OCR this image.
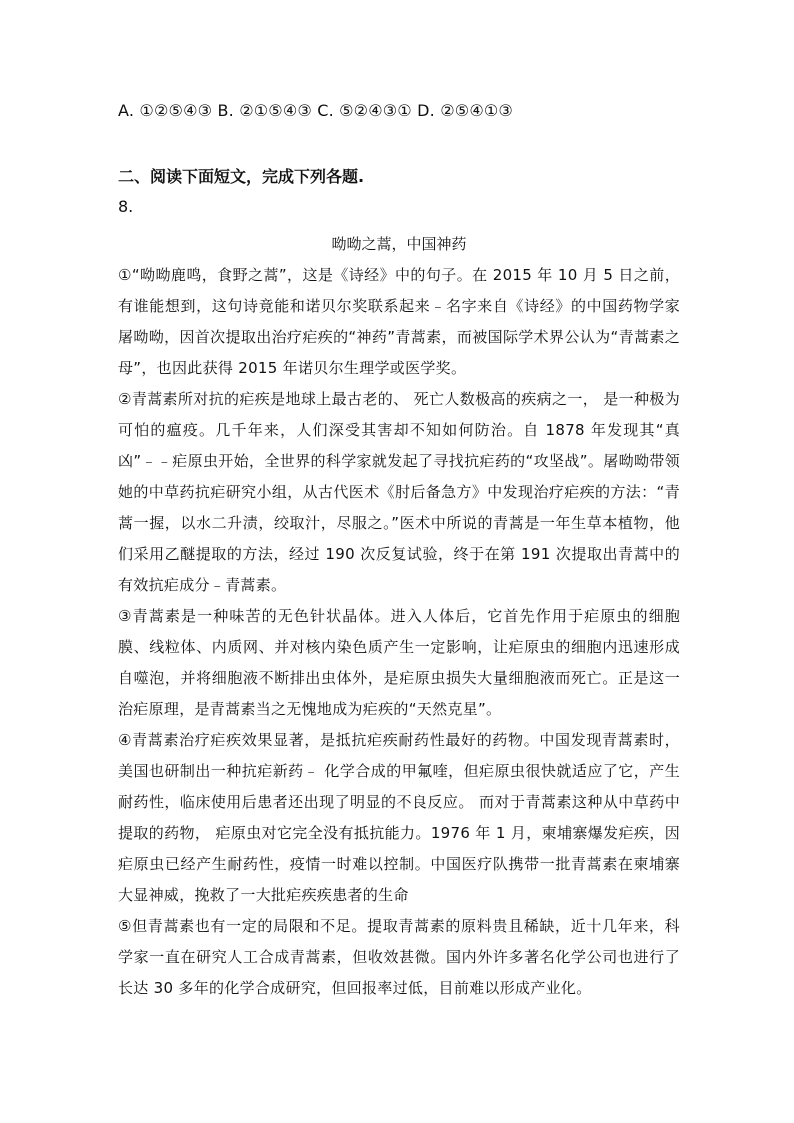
A. ①②⑤④③ B. ②①⑤④③ C. ⑤②④③① D. ②⑤④①③
二、阅读下面短文，完成下列各题.
8.
呦呦之蒿，中国神药

①“呦呦鹿鸣，食野之蒿”，这是《诗经》中的句子。在 2015 年 10 月 5 日之前，有谁能想到，这句诗竟能和诺贝尔奖联系起来﹣名字来自《诗经》的中国药物学家屠呦呦，因首次提取出治疗疟疾的“神药”青蒿素，而被国际学术界公认为“青蒿素之母”，也因此获得 2015 年诺贝尔生理学或医学奖。

②青蒿素所对抗的疟疾是地球上最古老的、 死亡人数极高的疾病之一， 是一种极为可怕的瘟疫。几千年来，人们深受其害却不知如何防治。自 1878 年发现其“真凶”﹣﹣疟原虫开始，全世界的科学家就发起了寻找抗疟药的“攻坚战”。屠呦呦带领她的中草药抗疟研究小组，从古代医术《肘后备急方》中发现治疗疟疾的方法：“青蒿一握，以水二升渍，绞取汁，尽服之。”医术中所说的青蒿是一年生草本植物，他们采用乙醚提取的方法，经过 190 次反复试验，终于在第 191 次提取出青蒿中的有效抗疟成分﹣青蒿素。

③青蒿素是一种味苦的无色针状晶体。进入人体后，它首先作用于疟原虫的细胞膜、线粒体、内质网、并对核内染色质产生一定影响，让疟原虫的细胞内迅速形成自噬泡，并将细胞液不断排出虫体外，是疟原虫损失大量细胞液而死亡。正是这一治疟原理，是青蒿素当之无愧地成为疟疾的“天然克星”。

④青蒿素治疗疟疾效果显著，是抵抗疟疾耐药性最好的药物。中国发现青蒿素时，美国也研制出一种抗疟新药﹣ 化学合成的甲氟喹，但疟原虫很快就适应了它，产生耐药性，临床使用后患者还出现了明显的不良反应。 而对于青蒿素这种从中草药中提取的药物， 疟原虫对它完全没有抵抗能力。1976 年 1 月，柬埔寨爆发疟疾，因疟原虫已经产生耐药性，疫情一时难以控制。中国医疗队携带一批青蒿素在柬埔寨大显神威，挽救了一大批疟疾疾患者的生命

⑤但青蒿素也有一定的局限和不足。提取青蒿素的原料贵且稀缺，近十几年来，科学家一直在研究人工合成青蒿素，但收效甚微。国内外许多著名化学公司也进行了长达 30 多年的化学合成研究，但回报率过低，目前难以形成产业化。
